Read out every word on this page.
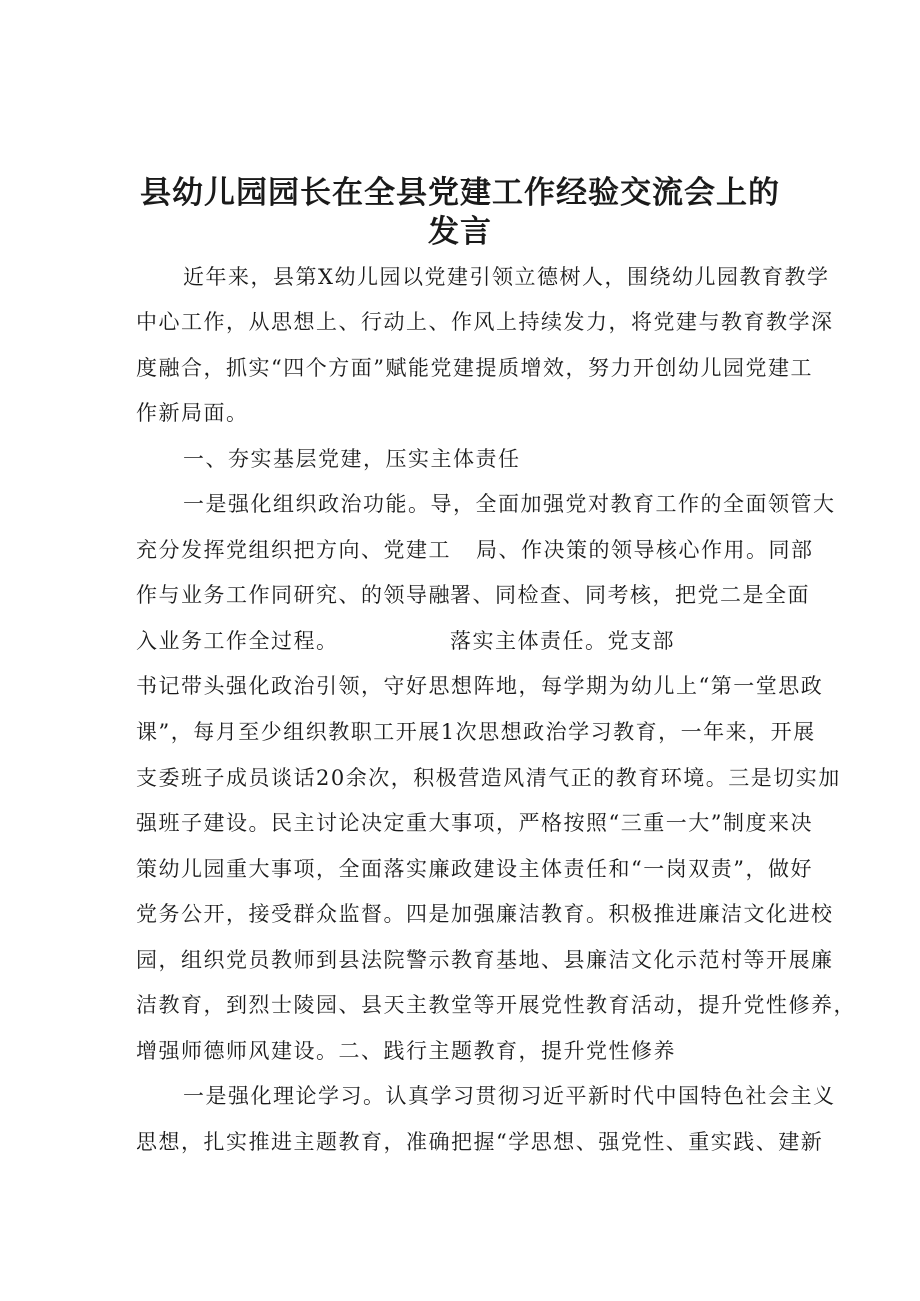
县幼儿园园长在全县党建工作经验交流会上的
发言
近年来，县第X幼儿园以党建引领立德树人，围绕幼儿园教育教学
中心工作，从思想上、行动上、作风上持续发力，将党建与教育教学深
度融合，抓实“四个方面”赋能党建提质增效，努力开创幼儿园党建工
作新局面。
一、夯实基层党建，压实主体责任
一是强化组织政治功能。导，全面加强党对教育工作的全面领管大
充分发挥党组织把方向、党建工
作与业务工作同研究、的领导融
入业务工作全过程。
局、作决策的领导核心作用。同部
署、同检查、同考核，把党二是全面
落实主体责任。党支部
书记带头强化政治引领，守好思想阵地，每学期为幼儿上“第一堂思政
课”，每月至少组织教职工开展1次思想政治学习教育，一年来，开展
支委班子成员谈话20余次，积极营造风清气正的教育环境。三是切实加
强班子建设。民主讨论决定重大事项，严格按照“三重一大”制度来决
策幼儿园重大事项，全面落实廉政建设主体责任和“一岗双责”，做好
党务公开，接受群众监督。四是加强廉洁教育。积极推进廉洁文化进校
园，组织党员教师到县法院警示教育基地、县廉洁文化示范村等开展廉
洁教育，到烈士陵园、县天主教堂等开展党性教育活动，提升党性修养，
增强师德师风建设。二、践行主题教育，提升党性修养
一是强化理论学习。认真学习贯彻习近平新时代中国特色社会主义
思想，扎实推进主题教育，准确把握“学思想、强党性、重实践、建新
